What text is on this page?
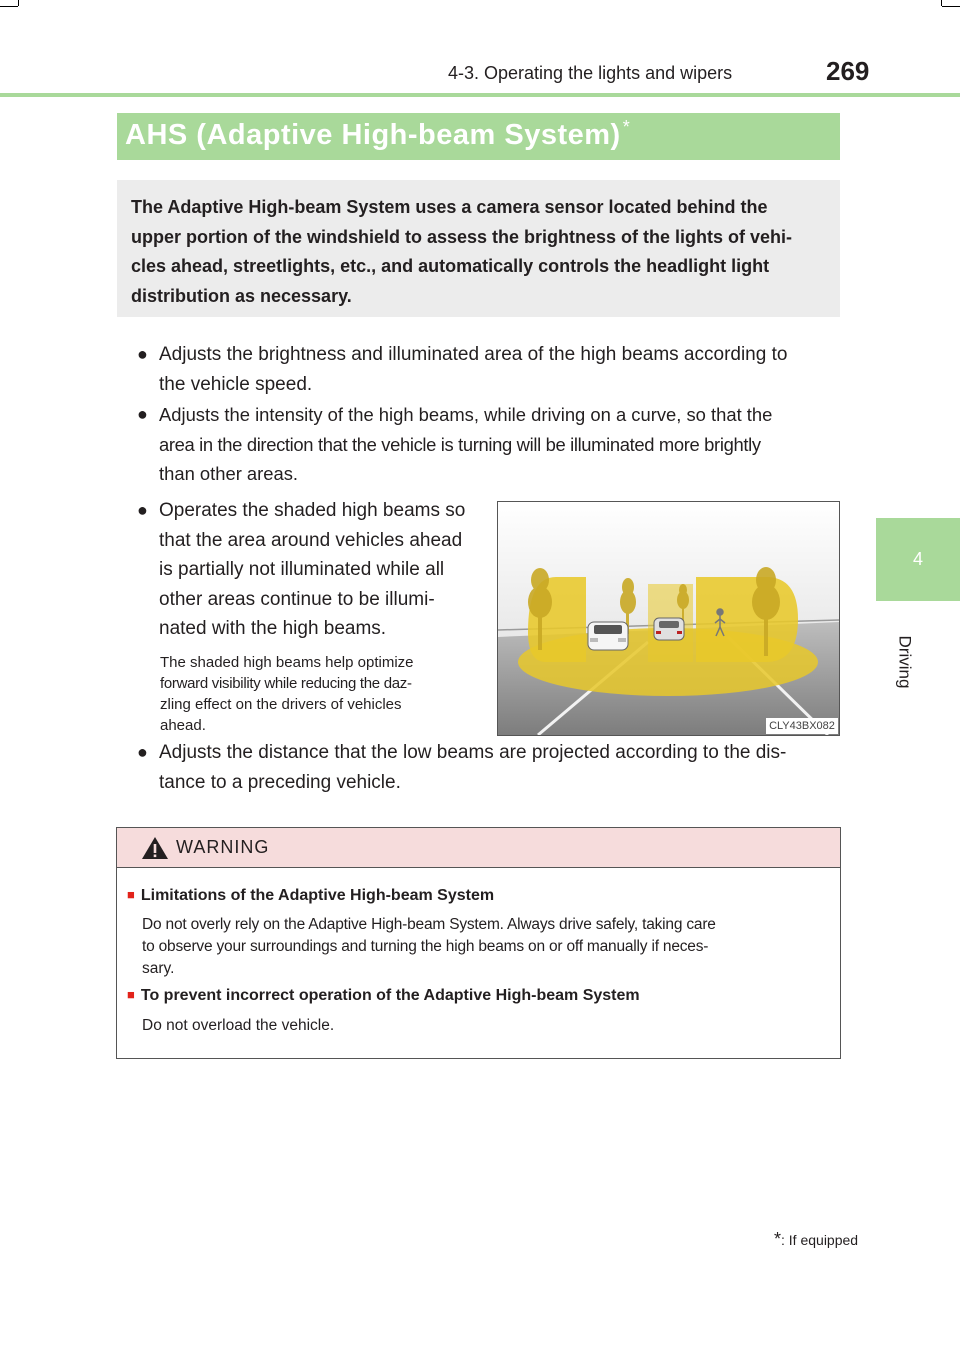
4-3. Operating the lights and wipers	269
4
Driving
AHS (Adaptive High-beam System) *
The Adaptive High-beam System uses a camera sensor located behind the
upper portion of the windshield to assess the brightness of the lights of vehi-
cles ahead, streetlights, etc., and automatically controls the headlight light
distribution as necessary.
● Adjusts the brightness and illuminated area of the high beams according to
the vehicle speed.
● Adjusts the intensity of the high beams, while driving on a curve, so that the
area in the direction that the vehicle is turning will be illuminated more brightly
than other areas.
● Operates the shaded high beams so
that the area around vehicles ahead
is partially not illuminated while all
other areas continue to be illumi-
nated with the high beams.
The shaded high beams help optimize
forward visibility while reducing the daz-
zling effect on the drivers of vehicles
ahead.	CLY43BX082
● Adjusts the distance that the low beams are projected according to the dis-
tance to a preceding vehicle.
WARNING
■ Limitations of the Adaptive High-beam System
Do not overly rely on the Adaptive High-beam System. Always drive safely, taking care
to observe your surroundings and turning the high beams on or off manually if neces-
sary.
■ To prevent incorrect operation of the Adaptive High-beam System
Do not overload the vehicle.
*: If equipped
